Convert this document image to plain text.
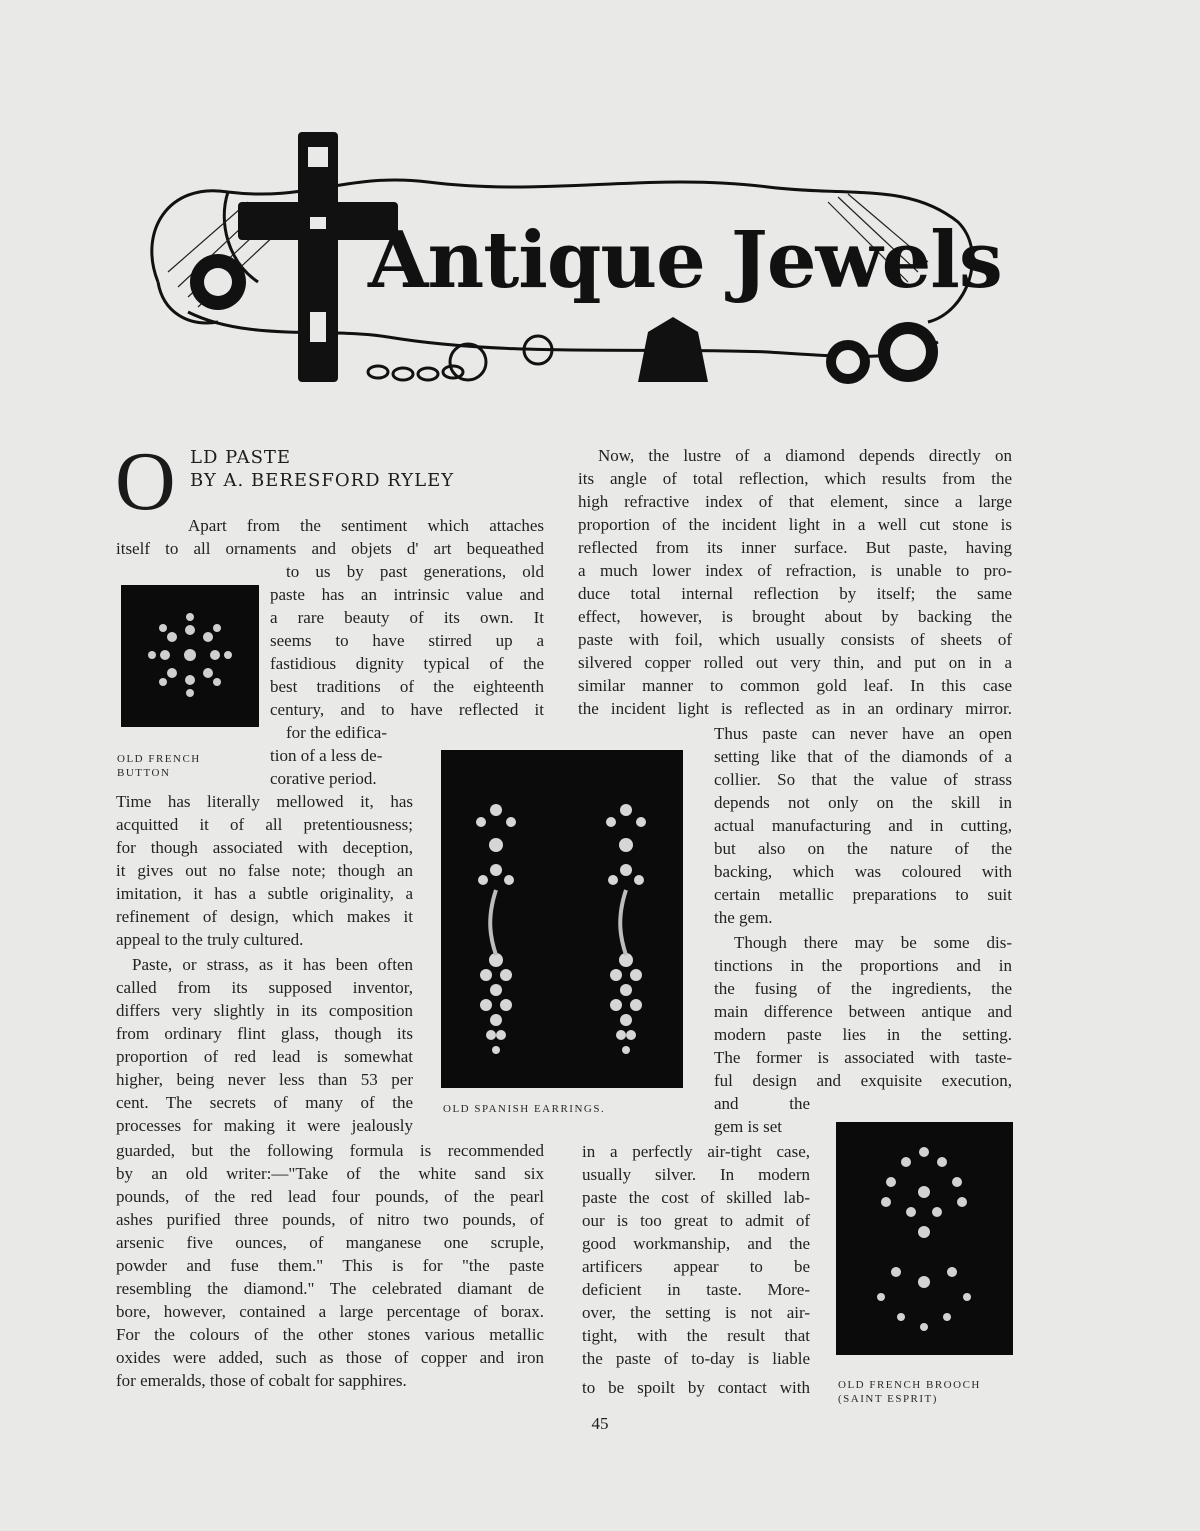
Antique Jewels
O LD PASTE
BY A. BERESFORD RYLEY
OLD FRENCH
BUTTON
OLD SPANISH EARRINGS.
OLD FRENCH BROOCH
(SAINT ESPRIT)
Apart from the sentiment which attaches
itself to all ornaments and objets d' art bequeathed
to us by past generations, old
paste has an intrinsic value and
a rare beauty of its own. It
seems to have stirred up a
fastidious dignity typical of the
best traditions of the eighteenth
century, and to have reflected it
for the edifica-
tion of a less de-
corative period.
Time has literally mellowed it, has
acquitted it of all pretentiousness;
for though associated with deception,
it gives out no false note; though an
imitation, it has a subtle originality, a
refinement of design, which makes it
appeal to the truly cultured.
Paste, or strass, as it has been often
called from its supposed inventor,
differs very slightly in its composition
from ordinary flint glass, though its
proportion of red lead is somewhat
higher, being never less than 53 per
cent. The secrets of many of the
processes for making it were jealously
guarded, but the following formula is recommended
by an old writer:—"Take of the white sand six
pounds, of the red lead four pounds, of the pearl
ashes purified three pounds, of nitro two pounds, of
arsenic five ounces, of manganese one scruple,
powder and fuse them." This is for "the paste
resembling the diamond." The celebrated diamant de
bore, however, contained a large percentage of borax.
For the colours of the other stones various metallic
oxides were added, such as those of copper and iron
for emeralds, those of cobalt for sapphires.
Now, the lustre of a diamond depends directly on
its angle of total reflection, which results from the
high refractive index of that element, since a large
proportion of the incident light in a well cut stone is
reflected from its inner surface. But paste, having
a much lower index of refraction, is unable to pro-
duce total internal reflection by itself; the same
effect, however, is brought about by backing the
paste with foil, which usually consists of sheets of
silvered copper rolled out very thin, and put on in a
similar manner to common gold leaf. In this case
the incident light is reflected as in an ordinary mirror.
Thus paste can never have an open
setting like that of the diamonds of a
collier. So that the value of strass
depends not only on the skill in
actual manufacturing and in cutting,
but also on the nature of the
backing, which was coloured with
certain metallic preparations to suit
the gem.
Though there may be some dis-
tinctions in the proportions and in
the fusing of the ingredients, the
main difference between antique and
modern paste lies in the setting.
The former is associated with taste-
ful design and exquisite execution,
and the
gem is set
in a perfectly air-tight case,
usually silver. In modern
paste the cost of skilled lab-
our is too great to admit of
good workmanship, and the
artificers appear to be
deficient in taste. More-
over, the setting is not air-
tight, with the result that
the paste of to-day is liable
to be spoilt by contact with
45
